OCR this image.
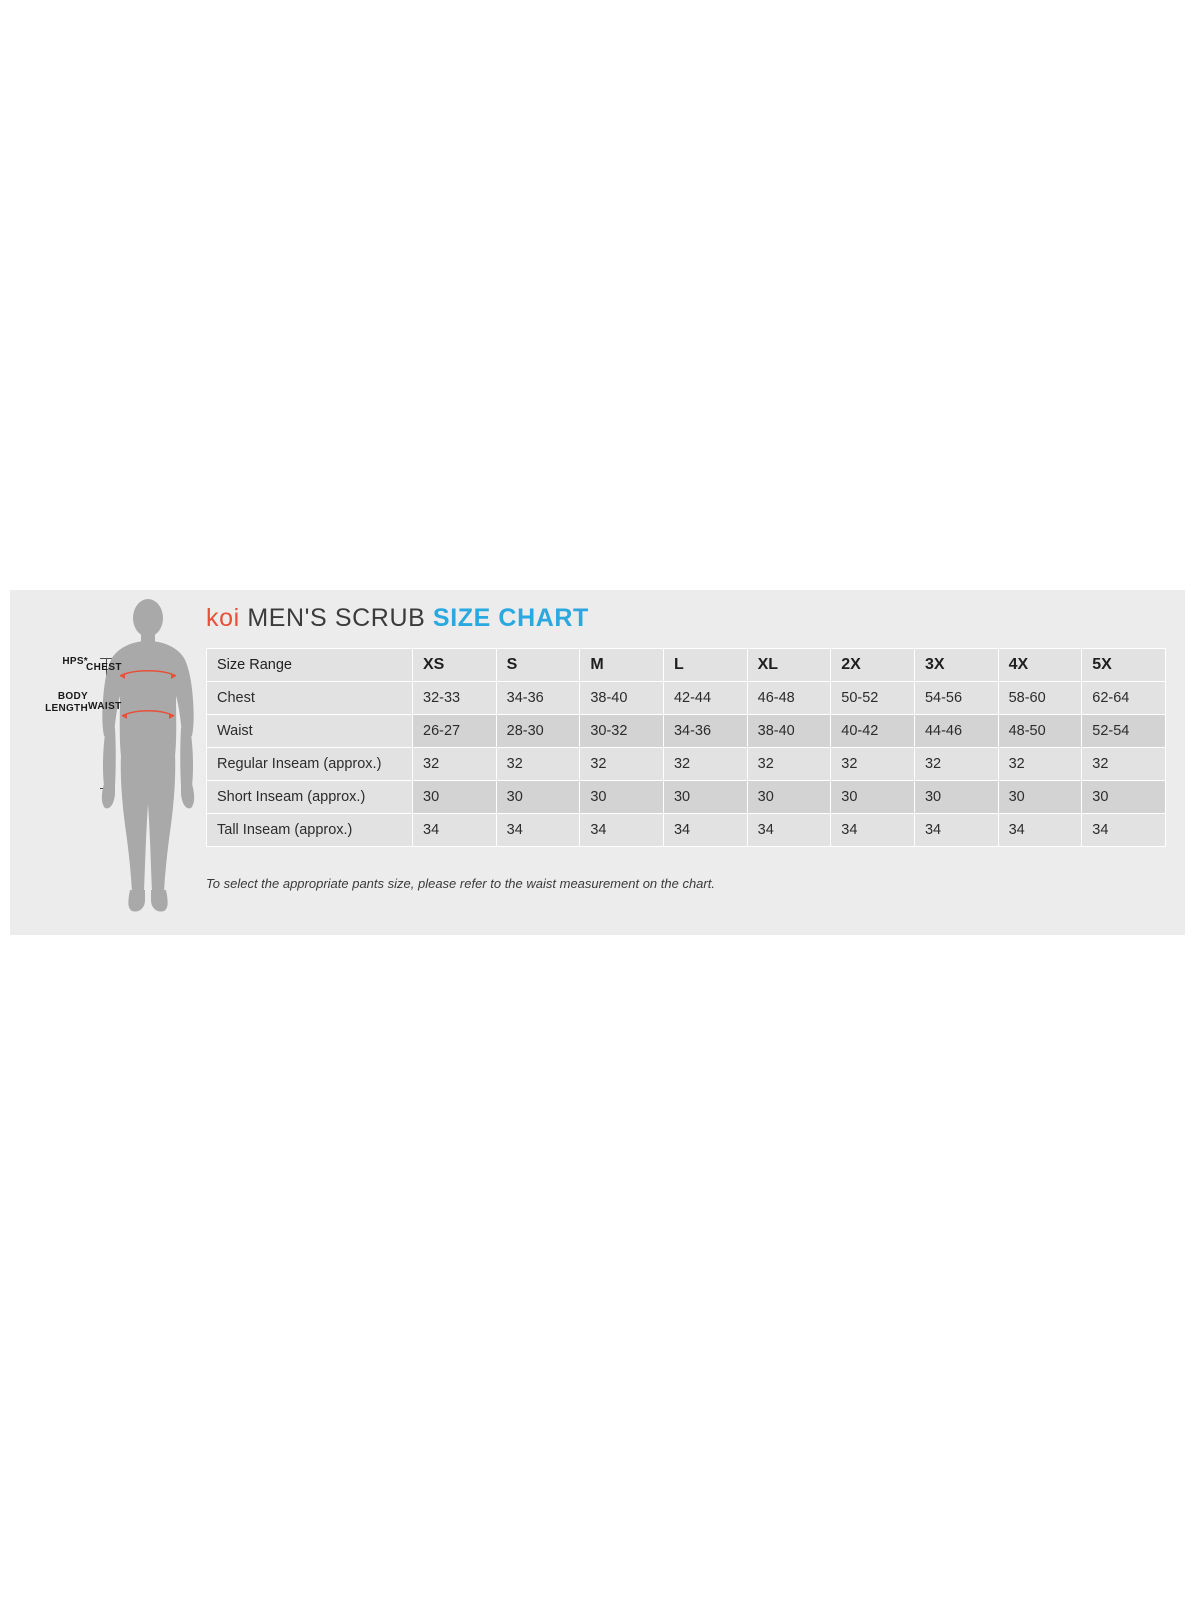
HPS*
BODY
LENGTH
CHEST
WAIST
koi MEN'S SCRUB SIZE CHART
Size Range	XS	S	M	L	XL	2X	3X	4X	5X
Chest	32-33	34-36	38-40	42-44	46-48	50-52	54-56	58-60	62-64
Waist	26-27	28-30	30-32	34-36	38-40	40-42	44-46	48-50	52-54
Regular Inseam (approx.)	32	32	32	32	32	32	32	32	32
Short Inseam (approx.)	30	30	30	30	30	30	30	30	30
Tall Inseam (approx.)	34	34	34	34	34	34	34	34	34
To select the appropriate pants size, please refer to the waist measurement on the chart.
